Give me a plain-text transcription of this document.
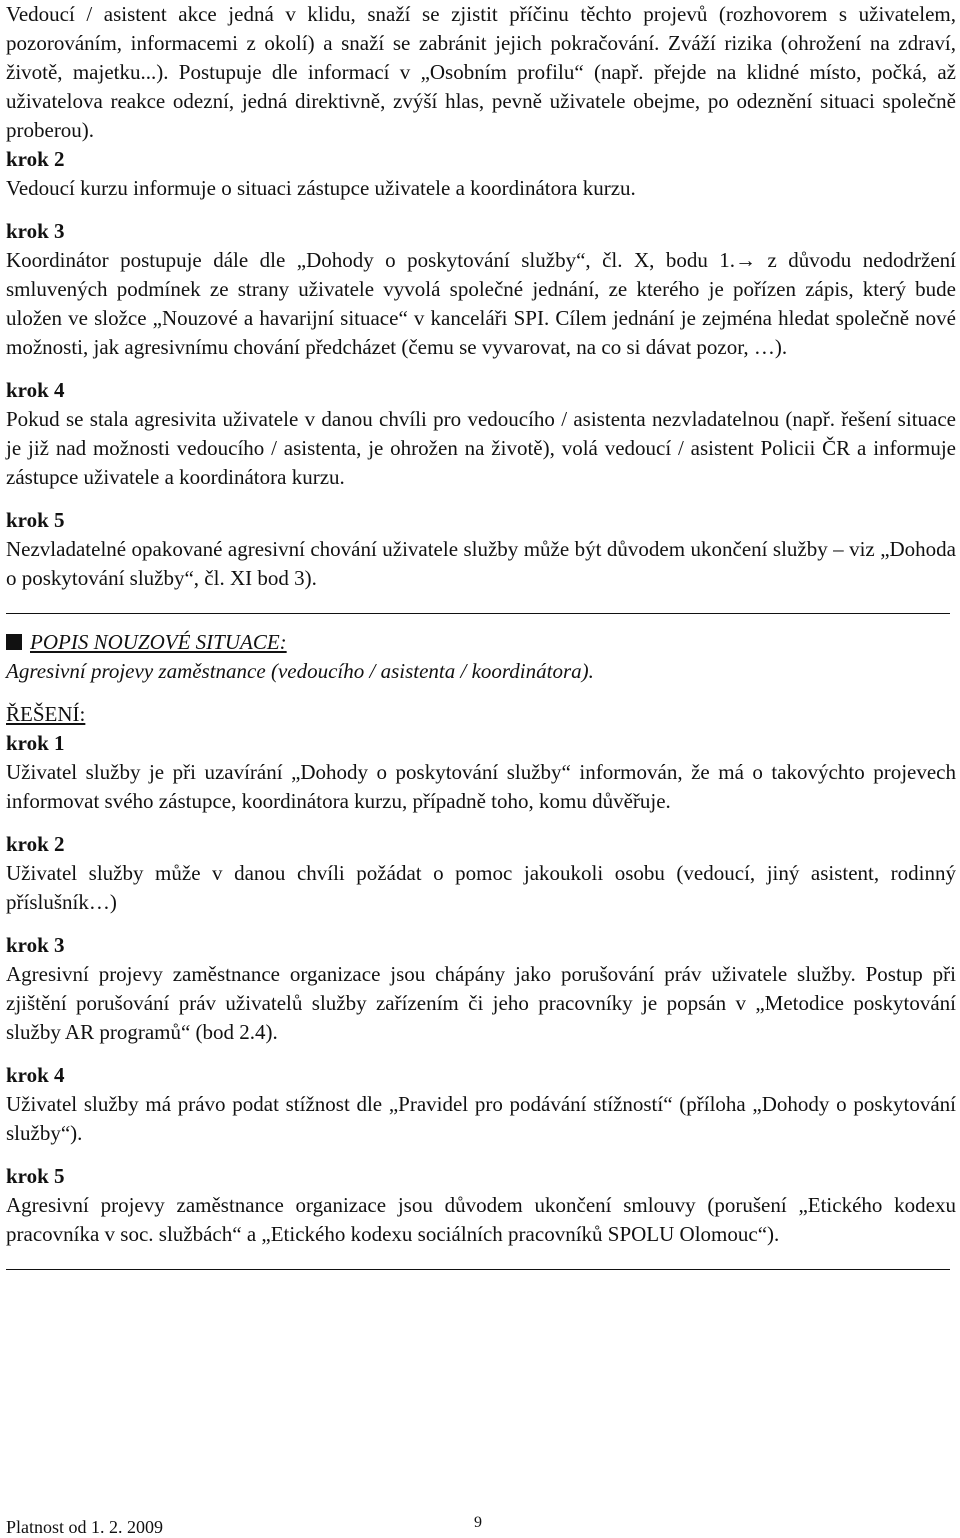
Vedoucí / asistent akce jedná v klidu, snaží se zjistit příčinu těchto projevů (rozhovorem s uživatelem, pozorováním, informacemi z okolí) a snaží se zabránit jejich pokračování. Zváží rizika (ohrožení na zdraví, životě, majetku...). Postupuje dle informací v „Osobním profilu“ (např. přejde na klidné místo, počká, až uživatelova reakce odezní, jedná direktivně, zvýší hlas, pevně uživatele obejme, po odeznění situaci společně proberou).

krok 2

Vedoucí kurzu informuje o situaci zástupce uživatele a koordinátora kurzu.

krok 3

Koordinátor postupuje dále dle „Dohody o poskytování služby“, čl. X, bodu 1.→ z důvodu nedodržení smluvených podmínek ze strany uživatele vyvolá společné jednání, ze kterého je pořízen zápis, který bude uložen ve složce „Nouzové a havarijní situace“ v kanceláři SPI. Cílem jednání je zejména hledat společně nové možnosti, jak agresivnímu chování předcházet (čemu se vyvarovat, na co si dávat pozor, …).

krok 4

Pokud se stala agresivita uživatele v danou chvíli pro vedoucího / asistenta nezvladatelnou (např. řešení situace je již nad možnosti vedoucího / asistenta, je ohrožen na životě), volá vedoucí / asistent Policii ČR a informuje zástupce uživatele a koordinátora kurzu.

krok 5

Nezvladatelné opakované agresivní chování uživatele služby může být důvodem ukončení služby – viz „Dohoda o poskytování služby“, čl. XI bod 3).

POPIS NOUZOVÉ SITUACE:
Agresivní projevy zaměstnance (vedoucího / asistenta / koordinátora).
ŘEŠENÍ:
krok 1

Uživatel služby je při uzavírání „Dohody o poskytování služby“ informován, že má o takovýchto projevech informovat svého zástupce, koordinátora kurzu, případně toho, komu důvěřuje.

krok 2

Uživatel služby může v danou chvíli požádat o pomoc jakoukoli osobu (vedoucí, jiný asistent, rodinný příslušník…)

krok 3

Agresivní projevy zaměstnance organizace jsou chápány jako porušování práv uživatele služby. Postup při zjištění porušování práv uživatelů služby zařízením či jeho pracovníky je popsán v „Metodice poskytování služby AR programů“ (bod 2.4).

krok 4

Uživatel služby má právo podat stížnost dle „Pravidel pro podávání stížností“ (příloha „Dohody o poskytování služby“).

krok 5

Agresivní projevy zaměstnance organizace jsou důvodem ukončení smlouvy (porušení „Etického kodexu pracovníka v soc. službách“ a „Etického kodexu sociálních pracovníků SPOLU Olomouc“).

Platnost od 1. 2. 2009	9
